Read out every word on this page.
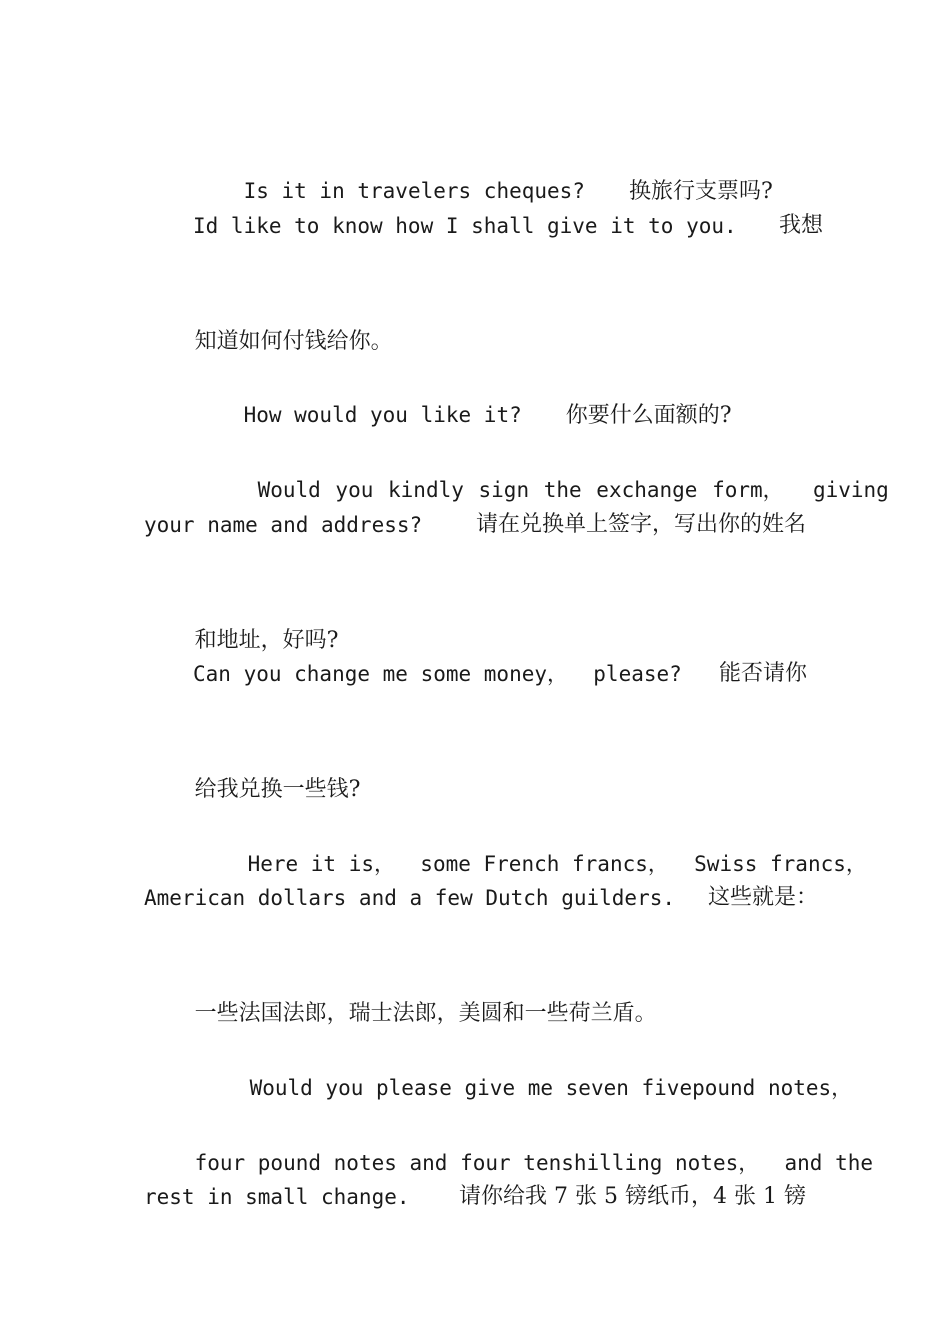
Is it in travelers cheques? 换旅行支票吗?

Id like to know how I shall give it to you. 我想

知道如何付钱给你。

How would you like it? 你要什么面额的?

Would you kindly sign the exchange form，  giving

your name and address? 请在兑换单上签字，写出你的姓名

和地址，好吗?

Can you change me some money，  please? 能否请你

给我兑换一些钱?

Here it is，  some French francs，  Swiss francs，

American dollars and a few Dutch guilders. 这些就是：

一些法国法郎，瑞士法郎，美圆和一些荷兰盾。

Would you please give me seven fivepound notes，

four pound notes and four tenshilling notes，  and the

rest in small change. 请你给我 7 张 5 镑纸币，4 张 1 镑
